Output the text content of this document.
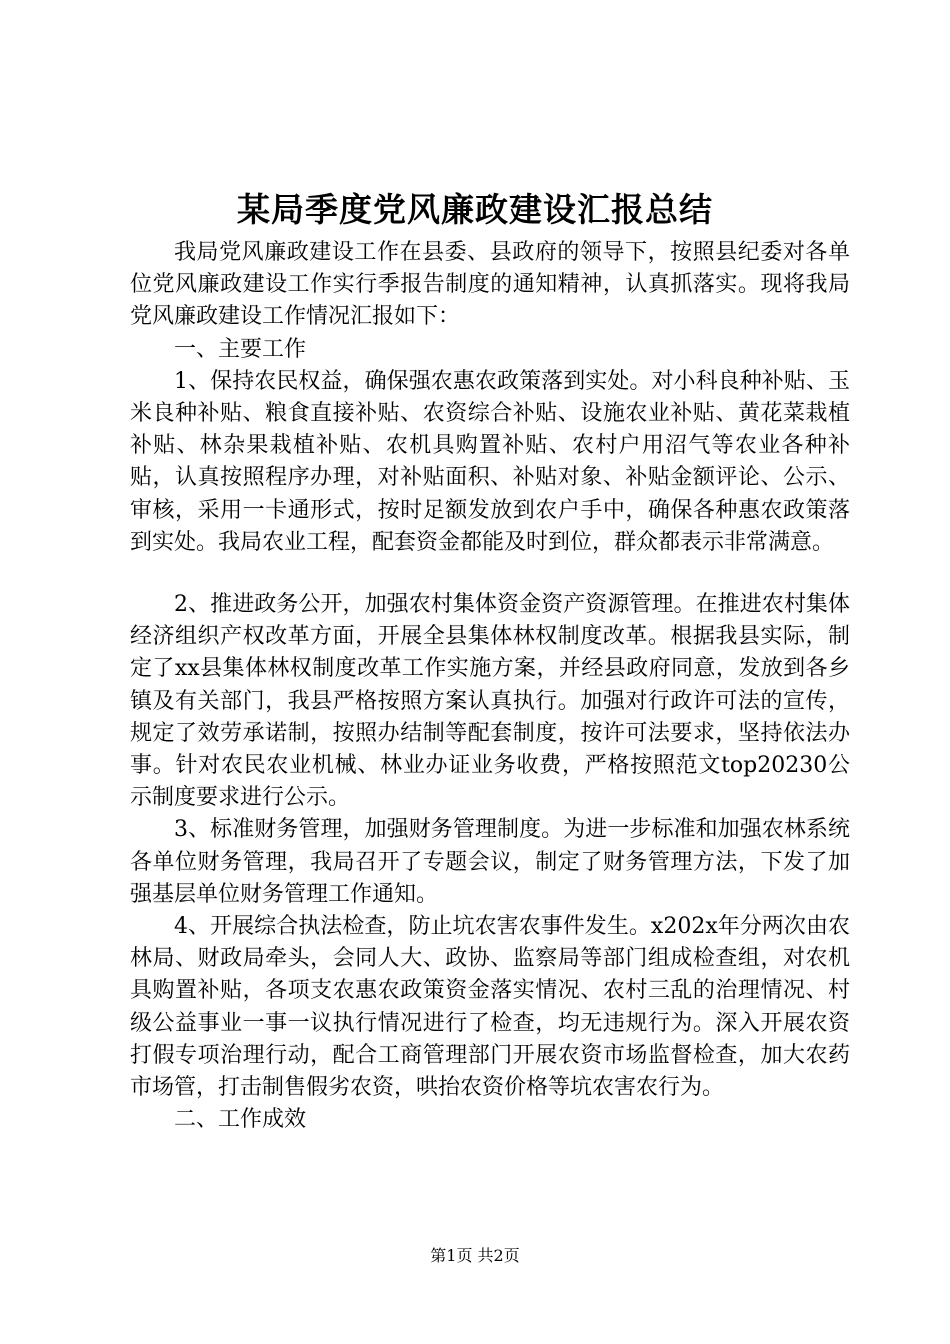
某局季度党风廉政建设汇报总结

我局党风廉政建设工作在县委、县政府的领导下，按照县纪委对各单位党风廉政建设工作实行季报告制度的通知精神，认真抓落实。现将我局党风廉政建设工作情况汇报如下：

一、主要工作

1、保持农民权益，确保强农惠农政策落到实处。对小科良种补贴、玉米良种补贴、粮食直接补贴、农资综合补贴、设施农业补贴、黄花菜栽植补贴、林杂果栽植补贴、农机具购置补贴、农村户用沼气等农业各种补贴，认真按照程序办理，对补贴面积、补贴对象、补贴金额评论、公示、审核，采用一卡通形式，按时足额发放到农户手中，确保各种惠农政策落到实处。我局农业工程，配套资金都能及时到位，群众都表示非常满意。

2、推进政务公开，加强农村集体资金资产资源管理。在推进农村集体经济组织产权改革方面，开展全县集体林权制度改革。根据我县实际，制定了xx县集体林权制度改革工作实施方案，并经县政府同意，发放到各乡镇及有关部门，我县严格按照方案认真执行。加强对行政许可法的宣传，规定了效劳承诺制，按照办结制等配套制度，按许可法要求，坚持依法办事。针对农民农业机械、林业办证业务收费，严格按照范文top20230公示制度要求进行公示。

3、标准财务管理，加强财务管理制度。为进一步标准和加强农林系统各单位财务管理，我局召开了专题会议，制定了财务管理方法，下发了加强基层单位财务管理工作通知。

4、开展综合执法检查，防止坑农害农事件发生。x202x年分两次由农林局、财政局牵头，会同人大、政协、监察局等部门组成检查组，对农机具购置补贴，各项支农惠农政策资金落实情况、农村三乱的治理情况、村级公益事业一事一议执行情况进行了检查，均无违规行为。深入开展农资打假专项治理行动，配合工商管理部门开展农资市场监督检查，加大农药市场管，打击制售假劣农资，哄抬农资价格等坑农害农行为。

二、工作成效

第1页 共2页
